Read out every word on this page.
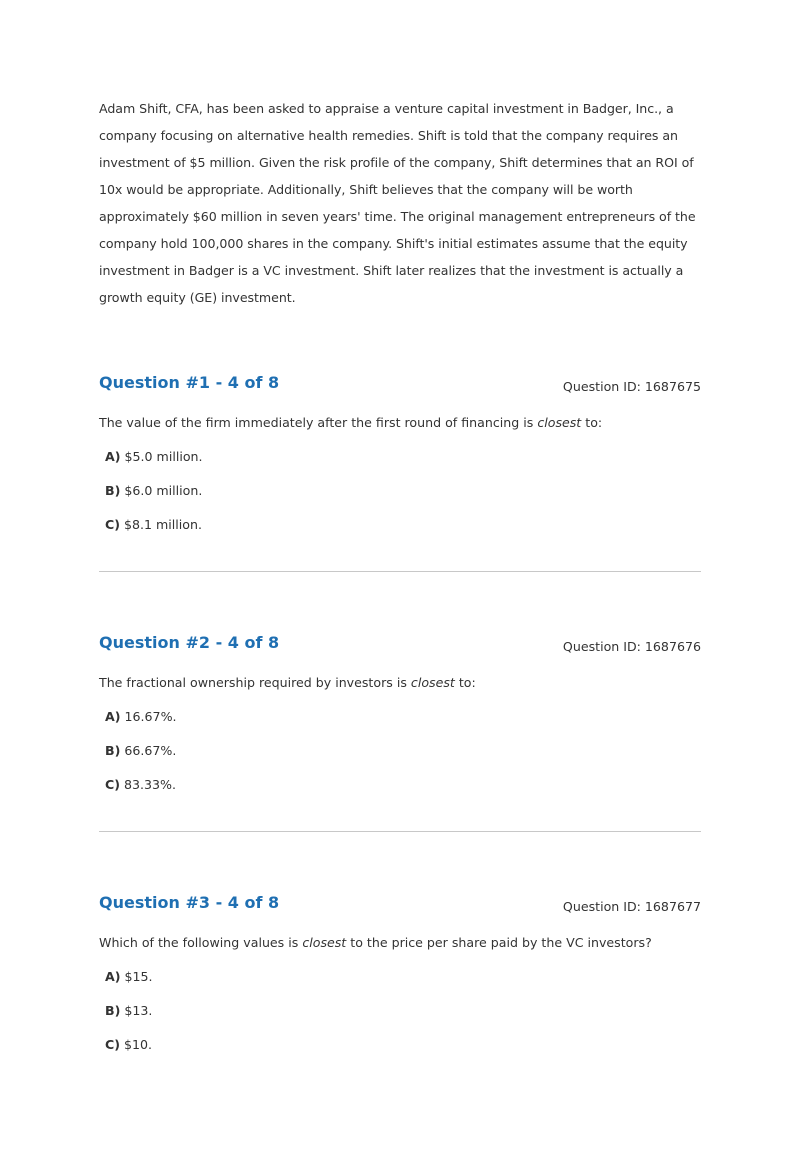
Adam Shift, CFA, has been asked to appraise a venture capital investment in Badger, Inc., a company focusing on alternative health remedies. Shift is told that the company requires an investment of $5 million. Given the risk profile of the company, Shift determines that an ROI of 10x would be appropriate. Additionally, Shift believes that the company will be worth approximately $60 million in seven years' time. The original management entrepreneurs of the company hold 100,000 shares in the company. Shift's initial estimates assume that the equity investment in Badger is a VC investment. Shift later realizes that the investment is actually a growth equity (GE) investment.

Question #1 - 4 of 8	Question ID: 1687675

The value of the firm immediately after the first round of financing is closest to:

A) $5.0 million.
B) $6.0 million.
C) $8.1 million.
Question #2 - 4 of 8	Question ID: 1687676

The fractional ownership required by investors is closest to:

A) 16.67%.
B) 66.67%.
C) 83.33%.
Question #3 - 4 of 8	Question ID: 1687677

Which of the following values is closest to the price per share paid by the VC investors?

A) $15.
B) $13.
C) $10.
